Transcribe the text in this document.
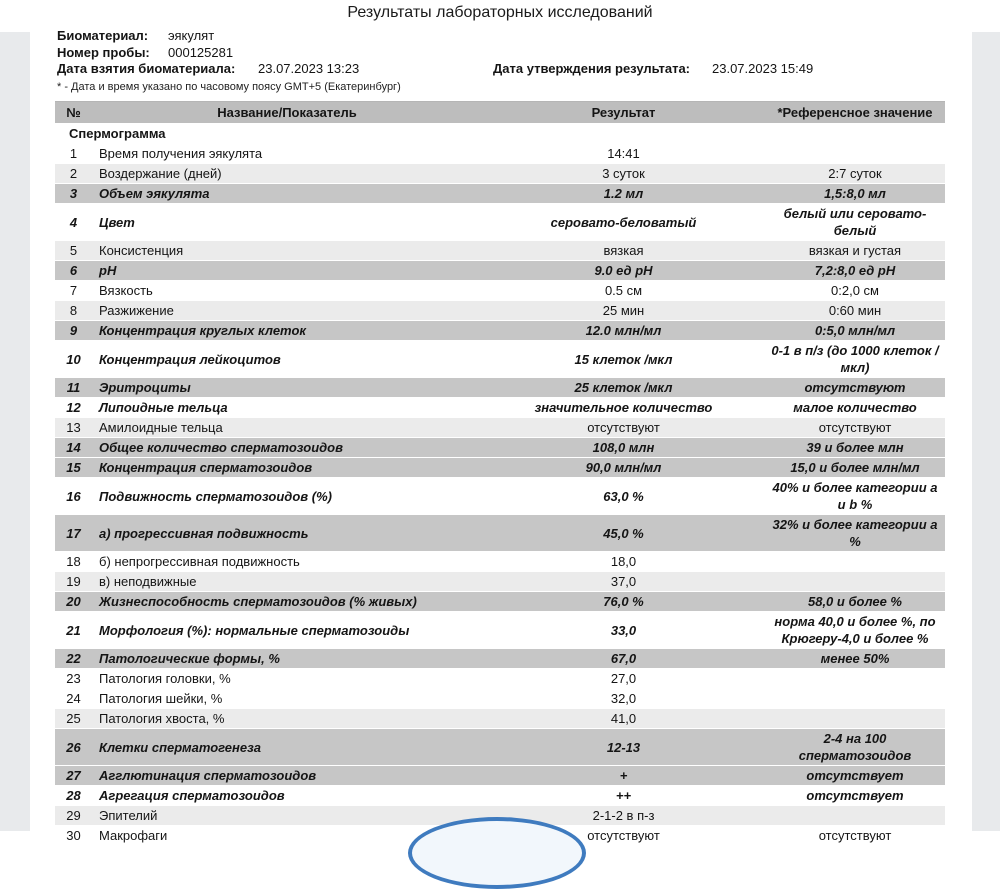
Результаты лабораторных исследований
Биоматериал:	эякулят
Номер пробы:	000125281
Дата взятия биоматериала:	23.07.2023 13:23	Дата утверждения результата:	23.07.2023 15:49
* - Дата и время указано по часовому поясу GMT+5 (Екатеринбург)
№	Название/Показатель	Результат	*Референсное значение
Спермограмма			
1	Время получения эякулята	14:41	
2	Воздержание (дней)	3 суток	2:7 суток
3	Объем эякулята	1.2 мл	1,5:8,0 мл
4	Цвет	серовато-беловатый	белый или серовато-белый
5	Консистенция	вязкая	вязкая и густая
6	pH	9.0 ед pH	7,2:8,0 ед pH
7	Вязкость	0.5 см	0:2,0 см
8	Разжижение	25 мин	0:60 мин
9	Концентрация круглых клеток	12.0 млн/мл	0:5,0 млн/мл
10	Концентрация лейкоцитов	15 клеток /мкл	0-1 в п/з (до 1000 клеток /мкл)
11	Эритроциты	25 клеток /мкл	отсутствуют
12	Липоидные тельца	значительное количество	малое количество
13	Амилоидные тельца	отсутствуют	отсутствуют
14	Общее количество сперматозоидов	108,0 млн	39 и более млн
15	Концентрация сперматозоидов	90,0 млн/мл	15,0 и более млн/мл
16	Подвижность сперматозоидов (%)	63,0 %	40% и более категории a и b %
17	а) прогрессивная подвижность	45,0 %	32% и более категории a %
18	б) непрогрессивная подвижность	18,0	
19	в) неподвижные	37,0	
20	Жизнеспособность сперматозоидов (% живых)	76,0 %	58,0 и более %
21	Морфология (%): нормальные сперматозоиды	33,0	норма 40,0 и более %, по Крюгеру-4,0 и более %
22	Патологические формы, %	67,0	менее 50%
23	Патология головки, %	27,0	
24	Патология шейки, %	32,0	
25	Патология хвоста, %	41,0	
26	Клетки сперматогенеза	12-13	2-4 на 100 сперматозоидов
27	Агглютинация сперматозоидов	+	отсутствует
28	Агрегация сперматозоидов	++	отсутствует
29	Эпителий	2-1-2 в п-з	
30	Макрофаги	отсутствуют	отсутствуют
